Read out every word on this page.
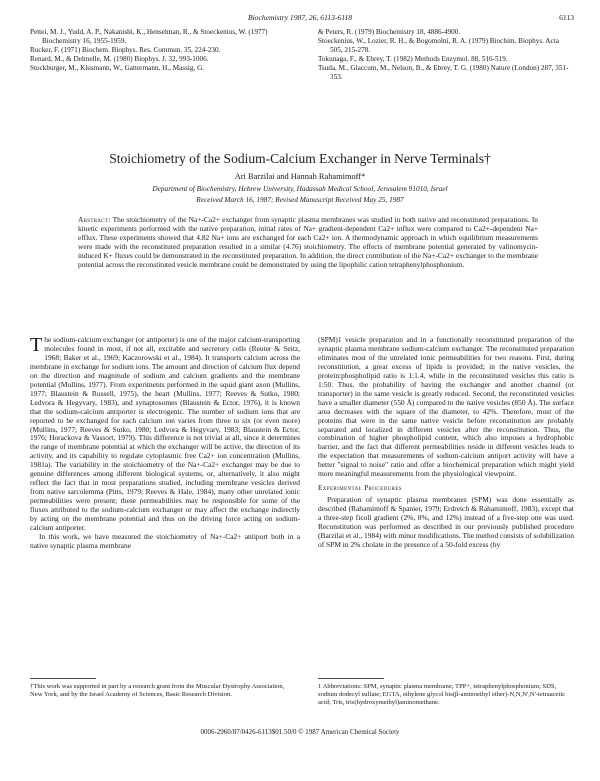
Biochemistry 1987, 26, 6113-6118	6113
Pettei, M. J., Yudd, A. P., Nakanishi, K., Henselman, R., & Stoeckenius, W. (1977) Biochemistry 16, 1955-1959.
Rucker, F. (1971) Biochem. Biophys. Res. Commun. 35, 224-230.
Renard, M., & Delmelle, M. (1980) Biophys. J. 32, 993-1006.
Stockburger, M., Klusmann, W., Gattermann, H., Massig, G.
& Peters, R. (1979) Biochemistry 18, 4886-4900.
Stoeckenius, W., Lozier, R. H., & Bogomolni, R. A. (1979) Biochim. Biophys. Acta 505, 215-278.
Tokunaga, F., & Ebrey, T. (1982) Methods Enzymol. 88, 516-519.
Tsuda, M., Glaccum, M., Nelson, B., & Ebrey, T. G. (1980) Nature (London) 287, 351-353.
Stoichiometry of the Sodium-Calcium Exchanger in Nerve Terminals†
Ari Barzilai and Hannah Rahamimoff*
Department of Biochemistry, Hebrew University, Hadassah Medical School, Jerusalem 91010, Israel
Received March 16, 1987; Revised Manuscript Received May 25, 1987
Abstract: The stoichiometry of the Na+-Ca2+ exchanger from synaptic plasma membranes was studied in both native and reconstituted preparations. In kinetic experiments performed with the native preparation, initial rates of Na+ gradient-dependent Ca2+ influx were compared to Ca2+-dependent Na+ efflux. These experiments showed that 4.82 Na+ ions are exchanged for each Ca2+ ion. A thermodynamic approach in which equilibrium measurements were made with the reconstituted preparation resulted in a similar (4.76) stoichiometry. The effects of membrane potential generated by valinomycin-induced K+ fluxes could be demonstrated in the reconstituted preparation. In addition, the direct contribution of the Na+-Ca2+ exchanger to the membrane potential across the reconstituted vesicle membrane could be demonstrated by using the lipophilic cation tetraphenylphosphonium.

The sodium-calcium exchanger (or antiporter) is one of the major calcium-transporting molecules found in most, if not all, excitable and secretory cells (Reuter & Seitz, 1968; Baker et al., 1969; Kaczorowski et al., 1984). It transports calcium across the membrane in exchange for sodium ions. The amount and direction of calcium flux depend on the direction and magnitude of sodium and calcium gradients and the membrane potential (Mullins, 1977). From experiments performed in the squid giant axon (Mullins, 1977; Blaustein & Russell, 1975), the heart (Mullins, 1977; Reeves & Sutko, 1980; Ledvora & Hegyvary, 1983), and synaptosomes (Blaustein & Ector, 1976), it is known that the sodium-calcium antiporter is electrogenic. The number of sodium ions that are reported to be exchanged for each calcium ion varies from three to six (or even more) (Mullins, 1977; Reeves & Sutko, 1980; Ledvora & Hegyvary, 1983; Blaustein & Ector, 1976; Horackova & Vassort, 1979). This difference is not trivial at all, since it determines the range of membrane potential at which the exchanger will be active, the direction of its activity, and its capability to regulate cytoplasmic free Ca2+ ion concentration (Mullins, 1981a). The variability in the stoichiometry of the Na+-Ca2+ exchanger may be due to genuine differences among different biological systems, or, alternatively, it also might reflect the fact that in most preparations studied, including membrane vesicles derived from native sarcolemma (Pitts, 1979; Reeves & Hale, 1984), many other unrelated ionic permeabilities were present; these permeabilities may be responsible for some of the fluxes attributed to the sodium-calcium exchanger or may affect the exchange indirectly by acting on the membrane potential and thus on the driving force acting on sodium-calcium antiporter.

In this work, we have measured the stoichiometry of Na+-Ca2+ antiport both in a native synaptic plasma membrane

(SPM)1 vesicle preparation and in a functionally reconstituted preparation of the synaptic plasma membrane sodium-calcium exchanger. The reconstituted preparation eliminates most of the unrelated ionic permeabilities for two reasons. First, during reconstitution, a great excess of lipids is provided; in the native vesicles, the protein:phospholipid ratio is 1:1.4, while in the reconstituted vesicles this ratio is 1:50. Thus, the probability of having the exchanger and another channel (or transporter) in the same vesicle is greatly reduced. Second, the reconstituted vesicles have a smaller diameter (550 Å) compared to the native vesicles (850 Å). The surface area decreases with the square of the diameter, to 42%. Therefore, most of the proteins that were in the same native vesicle before reconstitution are probably separated and localized in different vesicles after the reconstitution. Thus, the combination of higher phospholipid content, which also imposes a hydrophobic barrier, and the fact that different permeabilities reside in different vesicles leads to the expectation that measurements of sodium-calcium antiport activity will have a better "signal to noise" ratio and offer a biochemical preparation which might yield more meaningful measurements from the physiological viewpoint.

Experimental Procedures

Preparation of synaptic plasma membranes (SPM) was done essentially as described (Rahamimoff & Spanier, 1979; Erdreich & Rahamimoff, 1983), except that a three-step ficoll gradient (2%, 8%, and 12%) instead of a five-step one was used. Reconstitution was performed as described in our previously published procedure (Barzilai et al., 1984) with minor modifications. The method consists of solubilization of SPM in 2% cholate in the presence of a 50-fold excess (by

†This work was supported in part by a research grant from the Muscular Dystrophy Association, New York, and by the Israel Academy of Sciences, Basic Research Division.
1 Abbreviations: SPM, synaptic plasma membrane; TPP+, tetraphenylphosphonium; SDS, sodium dodecyl sulfate; EGTA, ethylene glycol bis(β-aminoethyl ether)-N,N,N',N'-tetraacetic acid; Tris, tris(hydroxymethyl)aminomethane.
0006-2960/87/0426-6113$01.50/0 © 1987 American Chemical Society
